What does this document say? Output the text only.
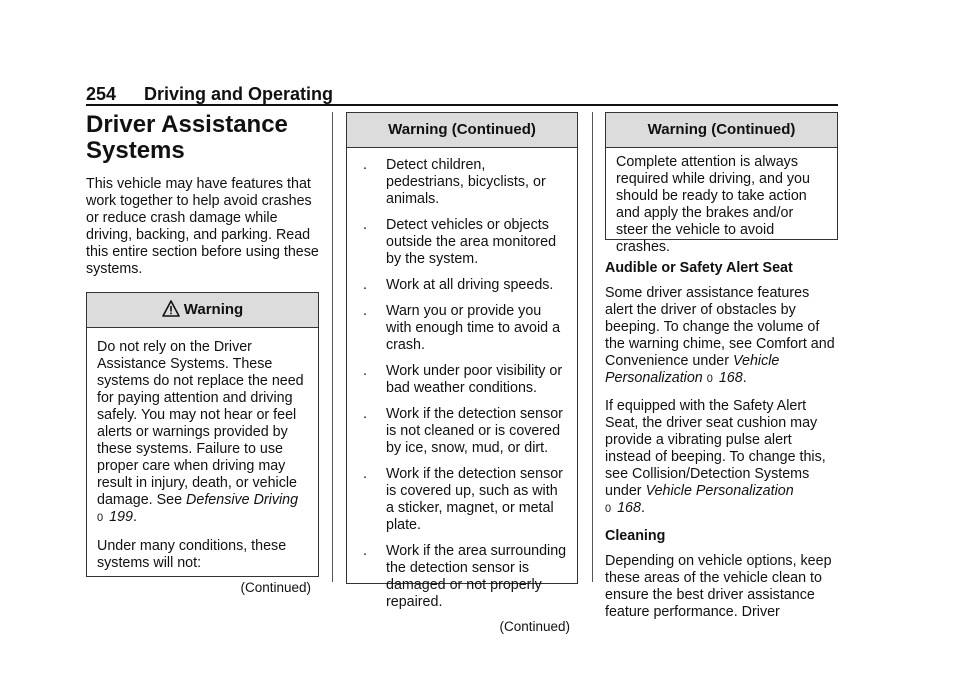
254 Driving and Operating
Driver Assistance Systems

This vehicle may have features that work together to help avoid crashes or reduce crash damage while driving, backing, and parking. Read this entire section before using these systems.

Warning

Do not rely on the Driver Assistance Systems. These systems do not replace the need for paying attention and driving safely. You may not hear or feel alerts or warnings provided by these systems. Failure to use proper care when driving may result in injury, death, or vehicle damage. See Defensive Driving
0 199.

Under many conditions, these systems will not:

(Continued)
Warning (Continued)
. Detect children, pedestrians, bicyclists, or animals.
. Detect vehicles or objects outside the area monitored by the system.
. Work at all driving speeds.
. Warn you or provide you with enough time to avoid a crash.
. Work under poor visibility or bad weather conditions.
. Work if the detection sensor is not cleaned or is covered by ice, snow, mud, or dirt.
. Work if the detection sensor is covered up, such as with a sticker, magnet, or metal plate.
. Work if the area surrounding the detection sensor is damaged or not properly repaired.
(Continued)
Warning (Continued)

Complete attention is always required while driving, and you should be ready to take action and apply the brakes and/or steer the vehicle to avoid crashes.

Audible or Safety Alert Seat

Some driver assistance features alert the driver of obstacles by beeping. To change the volume of the warning chime, see Comfort and Convenience under Vehicle Personalization 0 168.

If equipped with the Safety Alert Seat, the driver seat cushion may provide a vibrating pulse alert instead of beeping. To change this, see Collision/Detection Systems under Vehicle Personalization
0 168.

Cleaning

Depending on vehicle options, keep these areas of the vehicle clean to ensure the best driver assistance feature performance. Driver
